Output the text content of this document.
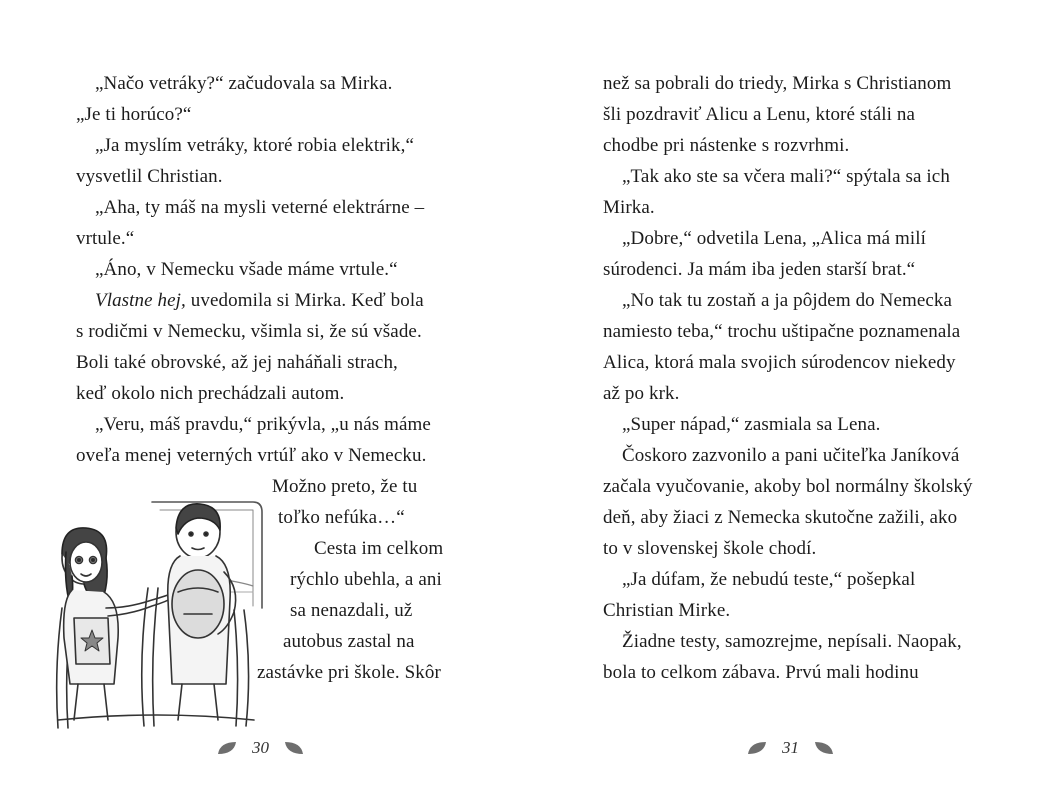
„Načo vetráky?“ začudovala sa Mirka.
„Je ti horúco?“
„Ja myslím vetráky, ktoré robia elektrik,“
vysvetlil Christian.
„Aha, ty máš na mysli veterné elektrárne –
vrtule.“
„Áno, v Nemecku všade máme vrtule.“
Vlastne hej, uvedomila si Mirka. Keď bola
s rodičmi v Nemecku, všimla si, že sú všade.
Boli také obrovské, až jej naháňali strach,
keď okolo nich prechádzali autom.
„Veru, máš pravdu,“ prikývla, „u nás máme
oveľa menej veterných vrtúľ ako v Nemecku.
Možno preto, že tu
toľko nefúka…“
Cesta im celkom
rýchlo ubehla, a ani
sa nenazdali, už
autobus zastal na
zastávke pri škole. Skôr
30
než sa pobrali do triedy, Mirka s Christianom
šli pozdraviť Alicu a Lenu, ktoré stáli na
chodbe pri nástenke s rozvrhmi.
„Tak ako ste sa včera mali?“ spýtala sa ich
Mirka.
„Dobre,“ odvetila Lena, „Alica má milí
súrodenci. Ja mám iba jeden starší brat.“
„No tak tu zostaň a ja pôjdem do Nemecka
namiesto teba,“ trochu uštipačne poznamenala
Alica, ktorá mala svojich súrodencov niekedy
až po krk.
„Super nápad,“ zasmiala sa Lena.
Čoskoro zazvonilo a pani učiteľka Janíková
začala vyučovanie, akoby bol normálny školský
deň, aby žiaci z Nemecka skutočne zažili, ako
to v slovenskej škole chodí.
„Ja dúfam, že nebudú teste,“ pošepkal
Christian Mirke.
Žiadne testy, samozrejme, nepísali. Naopak,
bola to celkom zábava. Prvú mali hodinu
31
